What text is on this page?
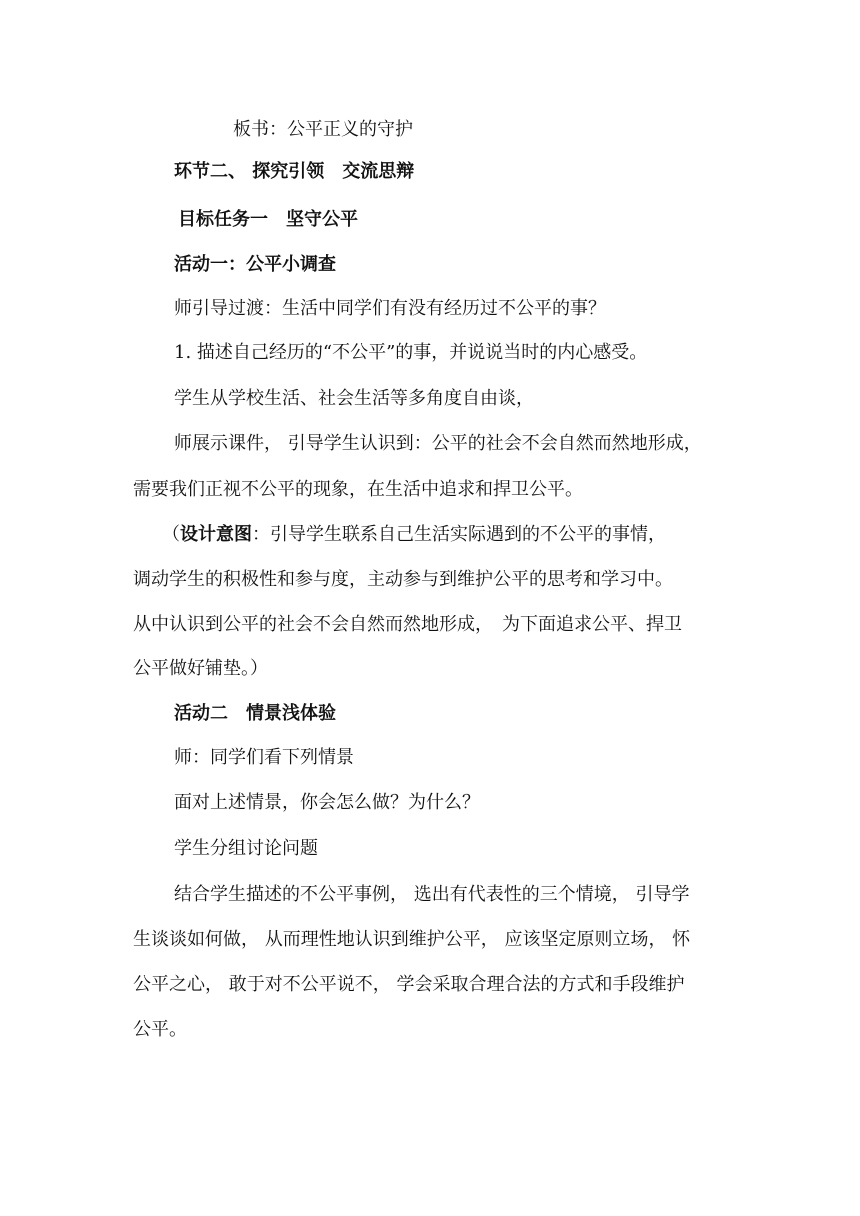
板书：公平正义的守护

环节二、 探究引领　交流思辩

目标任务一　坚守公平

活动一：公平小调查

师引导过渡：生活中同学们有没有经历过不公平的事？

1. 描述自己经历的“不公平”的事，并说说当时的内心感受。

学生从学校生活、社会生活等多角度自由谈，

师展示课件， 引导学生认识到：公平的社会不会自然而然地形成，

需要我们正视不公平的现象，在生活中追求和捍卫公平。

（设计意图：引导学生联系自己生活实际遇到的不公平的事情，

调动学生的积极性和参与度，主动参与到维护公平的思考和学习中。

从中认识到公平的社会不会自然而然地形成，　为下面追求公平、捍卫

公平做好铺垫。）

活动二　情景浅体验

师：同学们看下列情景

面对上述情景，你会怎么做？为什么？

学生分组讨论问题

结合学生描述的不公平事例， 选出有代表性的三个情境， 引导学

生谈谈如何做， 从而理性地认识到维护公平， 应该坚定原则立场， 怀

公平之心， 敢于对不公平说不， 学会采取合理合法的方式和手段维护

公平。
